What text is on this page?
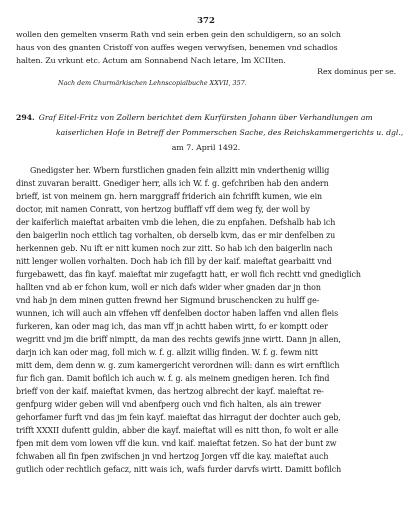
372
wollen den gemelten vnserm Rath vnd sein erben gein den schuldigern, so an solch
haus von des gnanten Cristoff von auffes wegen verwyfsen, benemen vnd schadlos
halten. Zu vrkunt etc. Actum am Sonnabend Nach letare, Im XCIIten.
Rex dominus per se.
Nach dem Churmärkischen Lehnscopialbuche XXVII, 357.
294. Graf Eitel-Fritz von Zollern berichtet dem Kurfürsten Johann über Verhandlungen am
kaiserlichen Hofe in Betreff der Pommerschen Sache, des Reichskammergerichts u. dgl.,
am 7. April 1492.
Gnedigster her. Wbern furstlichen gnaden fein allzitt min vnderthenig willig
dinst zuvaran beraitt. Gnediger herr, alls ich W. f. g. gefchriben hab den andern
brieff, ist von meinem gn. hern marggraff friderich ain fchrifft kumen, wie ein
doctor, mit namen Conratt, von hertzog bufflaff vff dem weg fy, der woll by
der kaiferlich maieftat arbaiten vmb die lehen, die zu enpfahen. Defshalb hab ich
den baigerlin noch ettlich tag vorhalten, ob derselb kvm, das er mir denfelben zu
herkennen geb. Nu ift er nitt kumen noch zur zitt. So hab ich den baigerlin nach
nitt lenger wollen vorhalten. Doch hab ich fill by der kaif. maieftat gearbaitt vnd
furgebawett, das fin kayf. maieftat mir zugefagtt hatt, er woll fich rechtt vnd gnediglich
hallten vnd ab er fchon kum, woll er nich dafs wider wher gnaden dar jn thon
vnd hab jn dem minen gutten frewnd her Sigmund bruschencken zu hulff ge-
wunnen, ich will auch ain vffehen vff denfelben doctor haben laffen vnd allen fleis
furkeren, kan oder mag ich, das man vff jn achtt haben wirtt, fo er komptt oder
wegritt vnd jm die briff nimptt, da man des rechts gewifs jnne wirtt. Dann jn allen,
darjn ich kan oder mag, foll mich w. f. g. allzit willig finden. W. f. g. fewm nitt
mitt dem, dem denn w. g. zum kamergericht verordnen will: dann es wirt ernftlich
fur fich gan. Damit bofilch ich auch w. f. g. als meinem gnedigen heren. Ich find
brieff von der kaif. maieftat kvmen, das hertzog albrecht der kayf. maieftat re-
genfpurg wider geben will vnd abenfperg ouch vnd fich halten, als ain trewer
gehorfamer furft vnd das jm fein kayf. maieftat das hirragut der dochter auch geb,
trifft XXXII dufentt guldin, abber die kayf. maieftat will es nitt thon, fo wolt er alle
fpen mit dem vom lowen vff die kun. vnd kaif. maieftat fetzen. So hat der bunt zw
fchwaben all fin fpen zwifschen jn vnd hertzog Jorgen vff die kay. maieftat auch
gutlich oder rechtlich gefacz, nitt wais ich, wafs furder darvfs wirtt. Damitt bofilch
